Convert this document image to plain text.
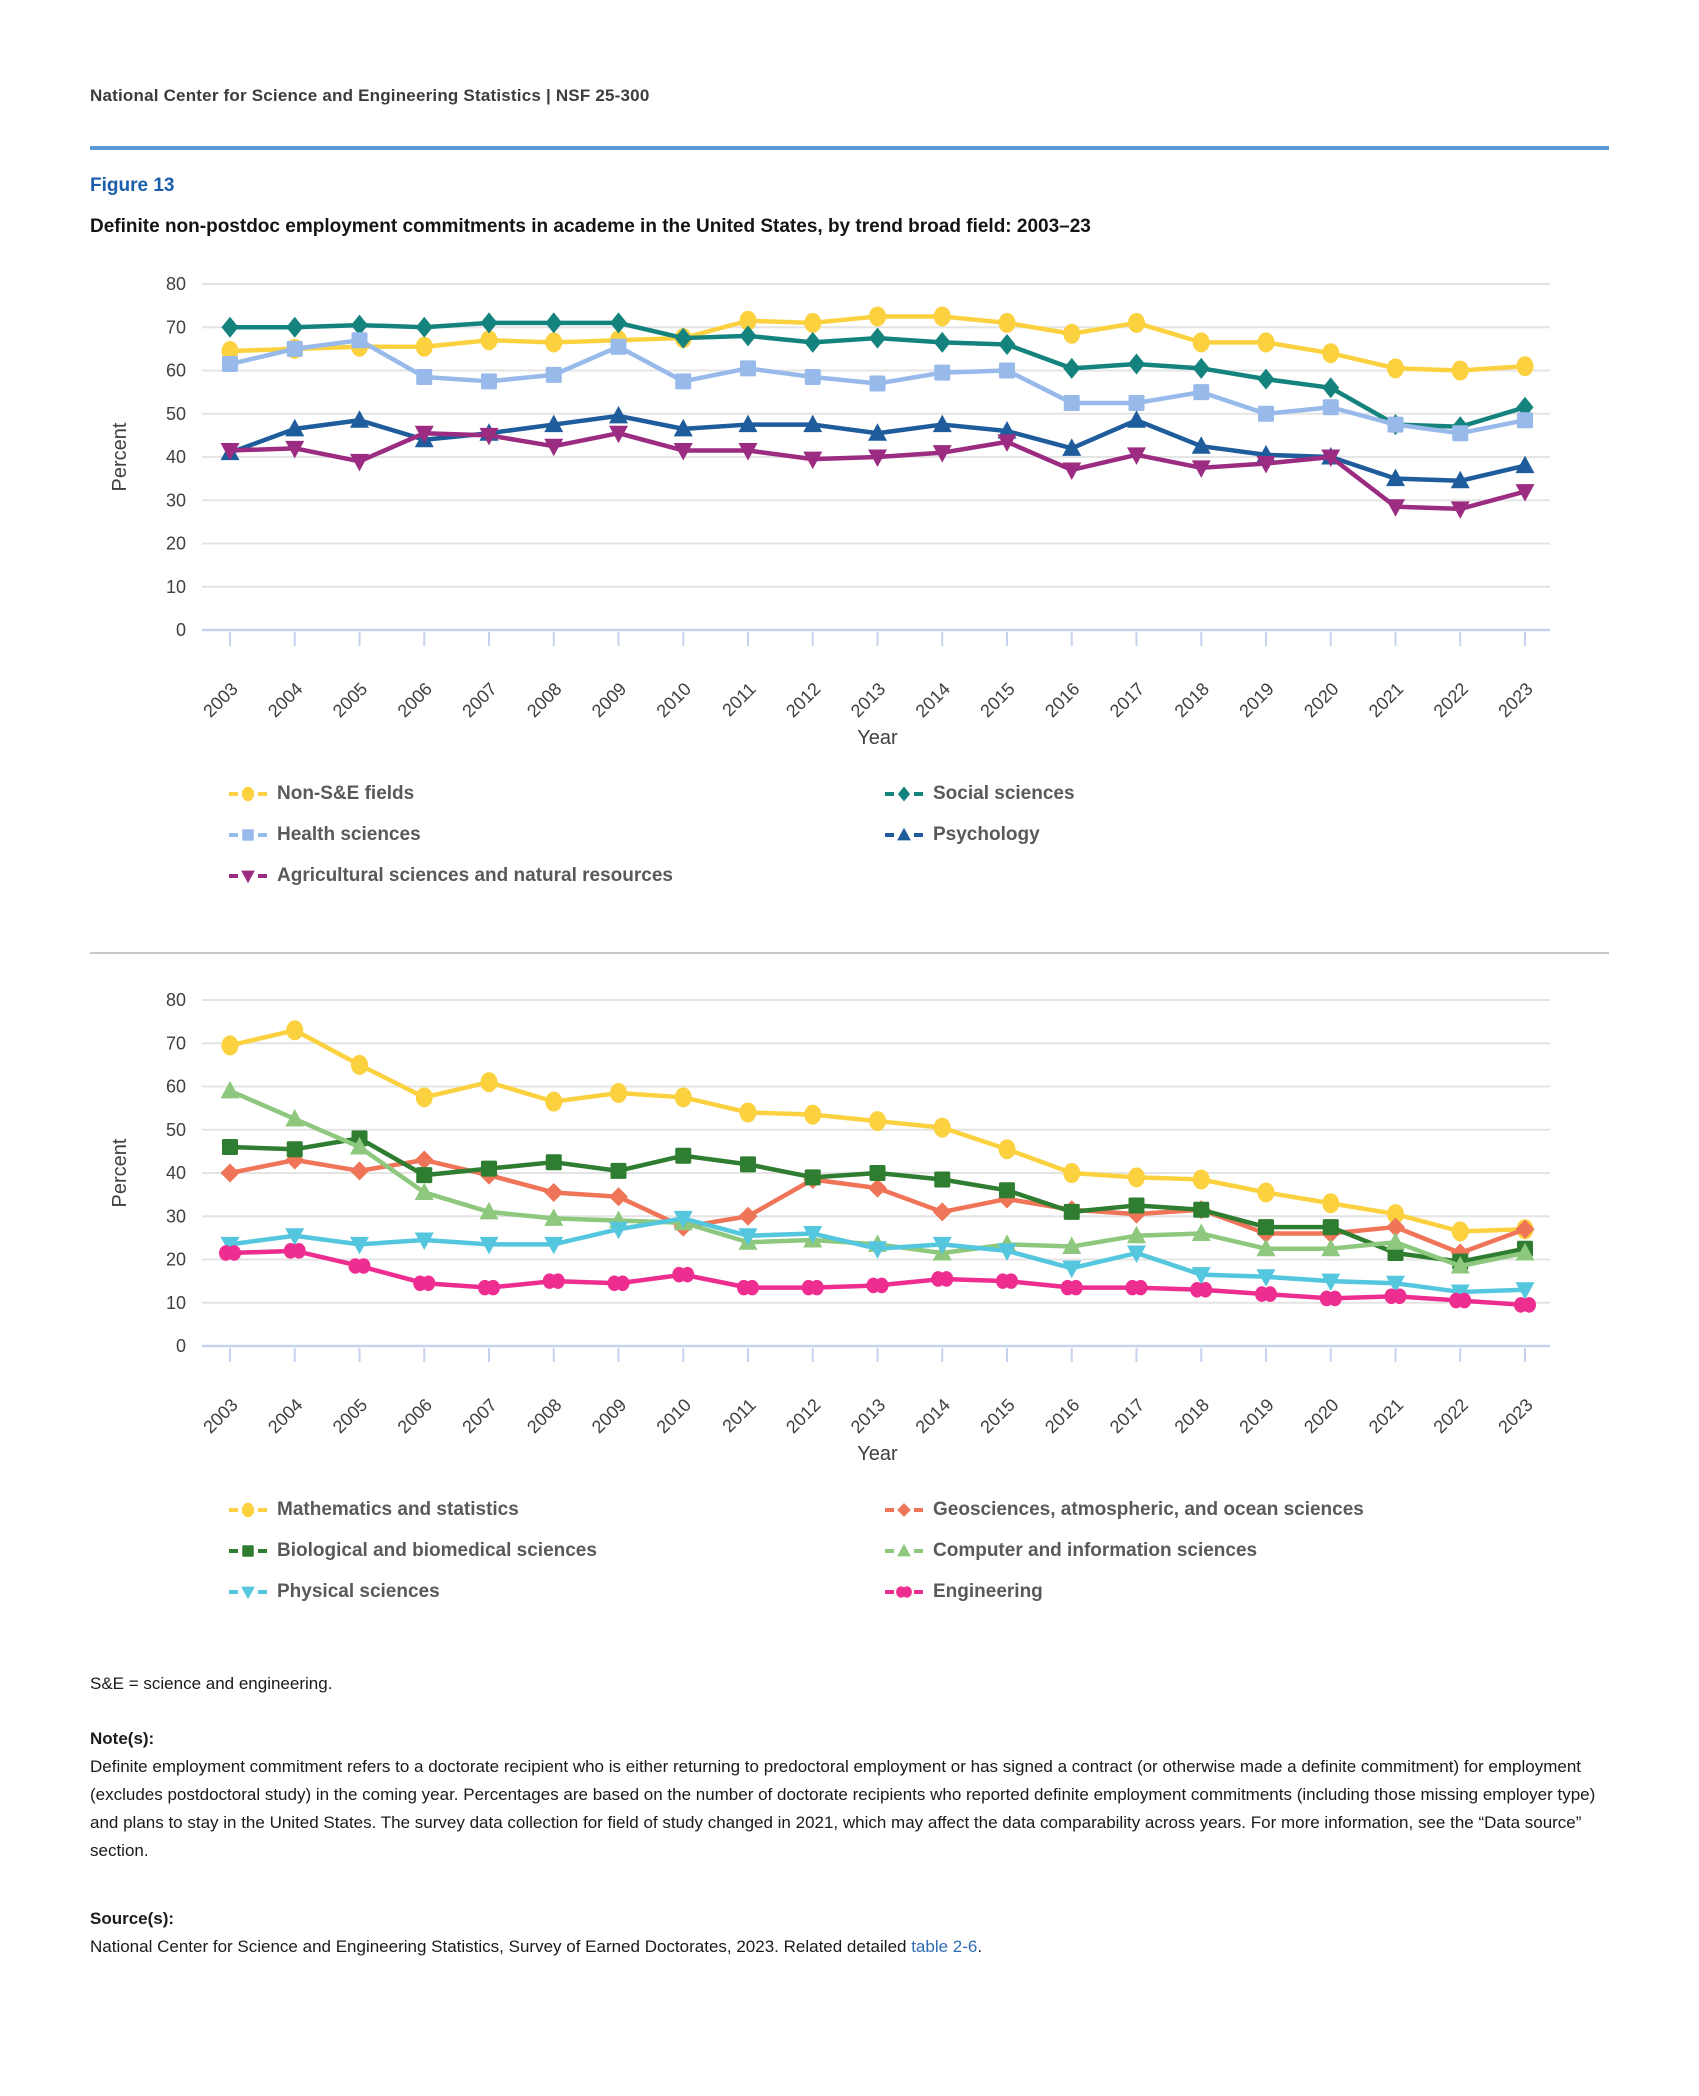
National Center for Science and Engineering Statistics | NSF 25-300
Figure 13
Definite non-postdoc employment commitments in academe in the United States, by trend broad field: 2003–23
0
10
20
30
40
50
60
70
80
Percent
2003 2004 2005 2006 2007 2008 2009 2010 2011 2012 2013 2014 2015 2016 2017 2018 2019 2020 2021 2022 2023
Year
Non-S&E fields	Social sciences
Health sciences	Psychology
Agricultural sciences and natural resources
0
10
20
30
40
50
60
70
80
Percent
2003 2004 2005 2006 2007 2008 2009 2010 2011 2012 2013 2014 2015 2016 2017 2018 2019 2020 2021 2022 2023
Year
Mathematics and statistics	Geosciences, atmospheric, and ocean sciences
Biological and biomedical sciences	Computer and information sciences
Physical sciences	Engineering
S&E = science and engineering.
Note(s):
Definite employment commitment refers to a doctorate recipient who is either returning to predoctoral employment or has signed a contract (or otherwise made a definite commitment) for employment (excludes postdoctoral study) in the coming year. Percentages are based on the number of doctorate recipients who reported definite employment commitments (including those missing employer type) and plans to stay in the United States. The survey data collection for field of study changed in 2021, which may affect the data comparability across years. For more information, see the “Data source” section.
Source(s):
National Center for Science and Engineering Statistics, Survey of Earned Doctorates, 2023. Related detailed table 2-6.
